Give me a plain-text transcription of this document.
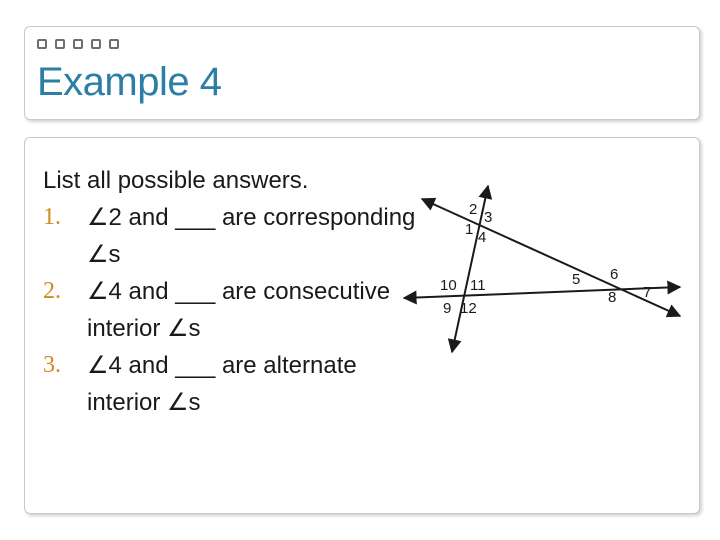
Example 4

List all possible answers.

1. ∠2 and ___ are corresponding ∠s
2. ∠4 and ___ are consecutive interior ∠s
3. ∠4 and ___ are alternate interior ∠s
1
2 3
4
5 6
7
8
9
10 11
12
